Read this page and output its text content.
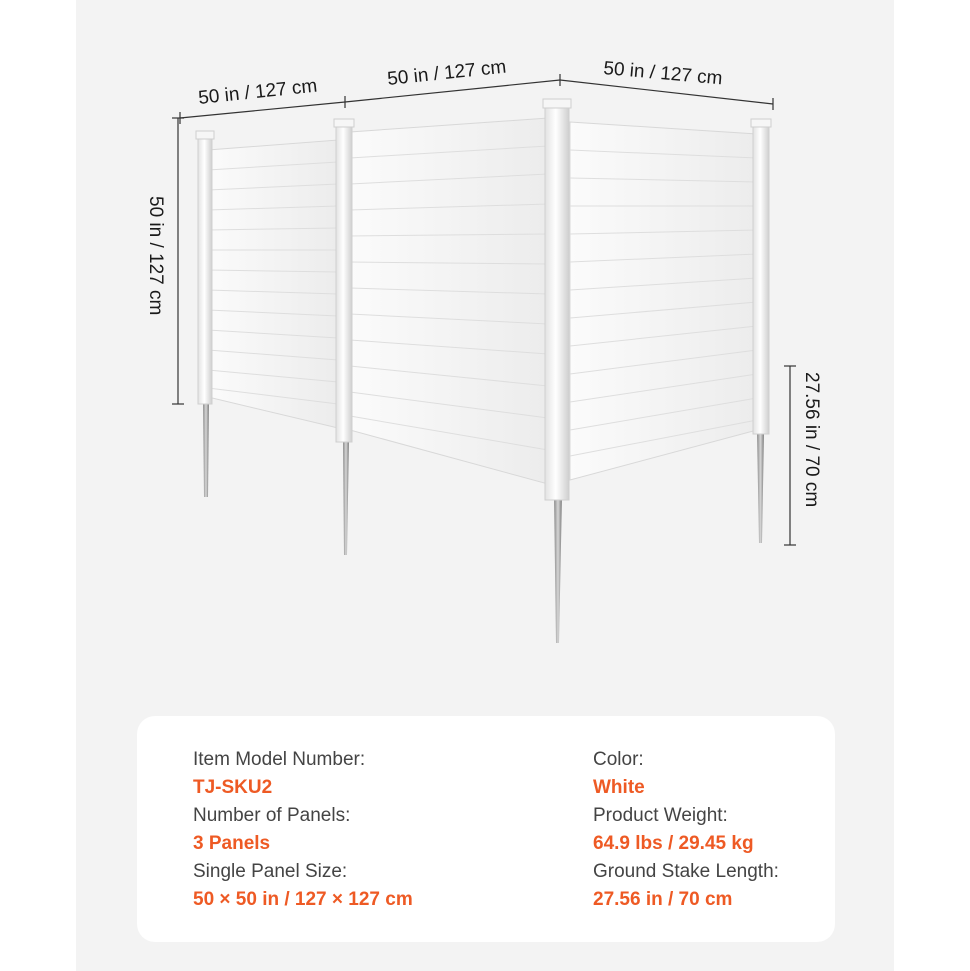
50 in / 127 cm
50 in / 127 cm	50 in / 127 cm
50 in / 127 cm
27.56 in / 70 cm
Item Model Number:
TJ-SKU2
Number of Panels:
3 Panels
Single Panel Size:
50 × 50 in / 127 × 127 cm
Color:
White
Product Weight:
64.9 lbs / 29.45 kg
Ground Stake Length:
27.56 in / 70 cm
